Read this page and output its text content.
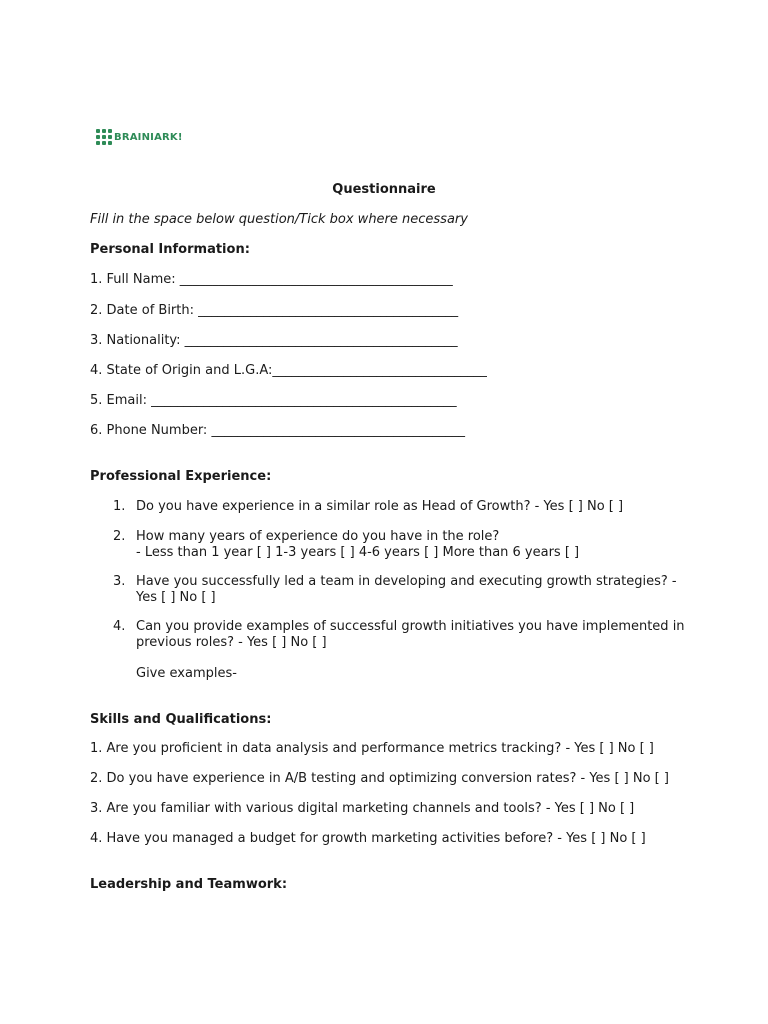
BRAINIARK!
Questionnaire
Fill in the space below question/Tick box where necessary
Personal Information:
1. Full Name: __________________________________________
2. Date of Birth: ________________________________________
3. Nationality: __________________________________________
4. State of Origin and L.G.A:_________________________________
5. Email: _______________________________________________
6. Phone Number: _______________________________________
Professional Experience:
1. Do you have experience in a similar role as Head of Growth? - Yes [ ] No [ ]
2. How many years of experience do you have in the role?
- Less than 1 year [ ] 1-3 years [ ] 4-6 years [ ] More than 6 years [ ]
3. Have you successfully led a team in developing and executing growth strategies? -
Yes [ ] No [ ]
4. Can you provide examples of successful growth initiatives you have implemented in
previous roles? - Yes [ ] No [ ]
Give examples-
Skills and Qualifications:
1. Are you proficient in data analysis and performance metrics tracking? - Yes [ ] No [ ]
2. Do you have experience in A/B testing and optimizing conversion rates? - Yes [ ] No [ ]
3. Are you familiar with various digital marketing channels and tools? - Yes [ ] No [ ]
4. Have you managed a budget for growth marketing activities before? - Yes [ ] No [ ]
Leadership and Teamwork:
